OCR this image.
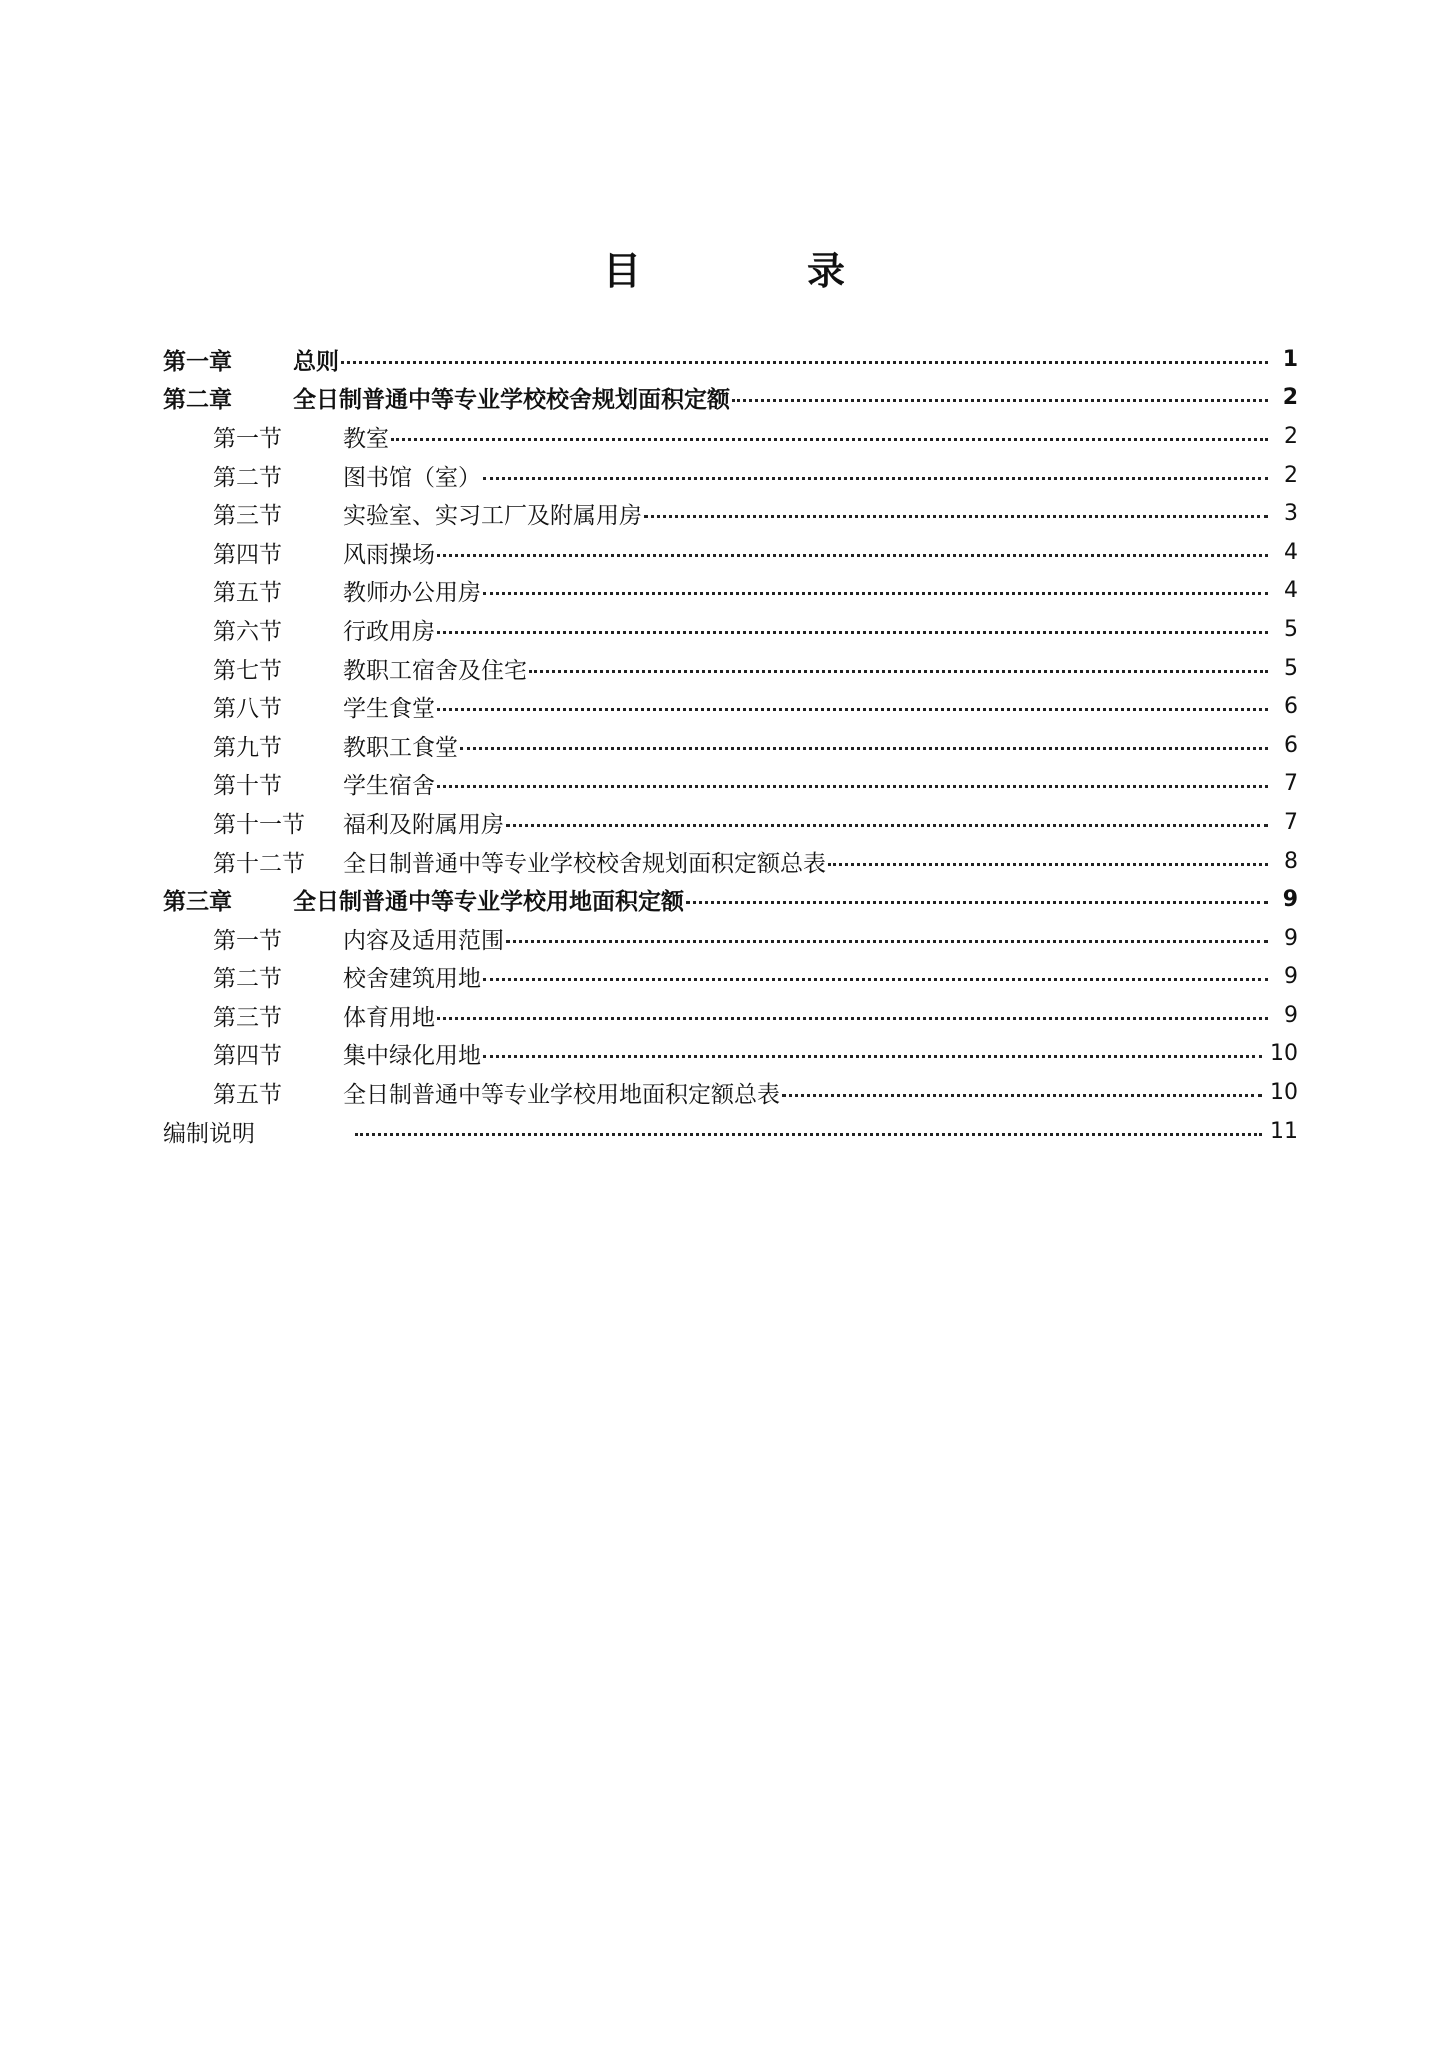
目　录
第一章	总则	1
第二章	全日制普通中等专业学校校舍规划面积定额	2
第一节	教室	2
第二节	图书馆（室）	2
第三节	实验室、实习工厂及附属用房	3
第四节	风雨操场	4
第五节	教师办公用房	4
第六节	行政用房	5
第七节	教职工宿舍及住宅	5
第八节	学生食堂	6
第九节	教职工食堂	6
第十节	学生宿舍	7
第十一节	福利及附属用房	7
第十二节	全日制普通中等专业学校校舍规划面积定额总表	8
第三章	全日制普通中等专业学校用地面积定额	9
第一节	内容及适用范围	9
第二节	校舍建筑用地	9
第三节	体育用地	9
第四节	集中绿化用地	10
第五节	全日制普通中等专业学校用地面积定额总表	10
编制说明	11
